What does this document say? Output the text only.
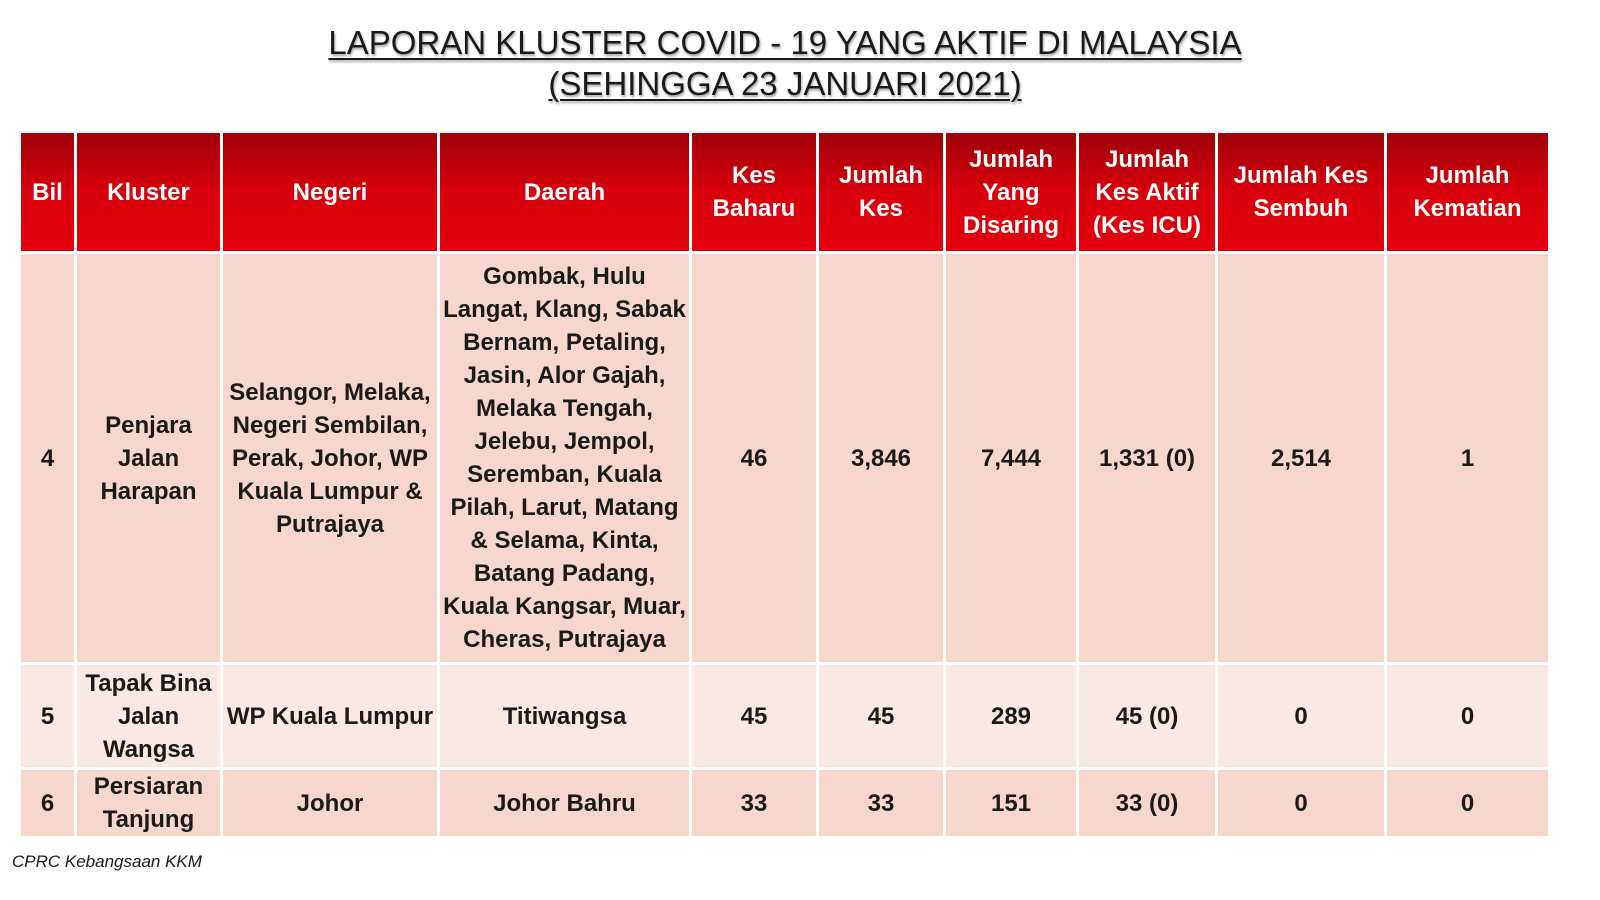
LAPORAN KLUSTER COVID - 19 YANG AKTIF DI MALAYSIA
(SEHINGGA 23 JANUARI 2021)
Bil	Kluster	Negeri	Daerah	Kes Baharu	Jumlah Kes	Jumlah Yang Disaring	Jumlah Kes Aktif (Kes ICU)	Jumlah Kes Sembuh	Jumlah Kematian
4	Penjara Jalan Harapan	Selangor, Melaka, Negeri Sembilan, Perak, Johor, WP Kuala Lumpur & Putrajaya	Gombak, Hulu Langat, Klang, Sabak Bernam, Petaling, Jasin, Alor Gajah, Melaka Tengah, Jelebu, Jempol, Seremban, Kuala Pilah, Larut, Matang & Selama, Kinta, Batang Padang, Kuala Kangsar, Muar, Cheras, Putrajaya	46	3,846	7,444	1,331 (0)	2,514	1
5	Tapak Bina Jalan Wangsa	WP Kuala Lumpur	Titiwangsa	45	45	289	45 (0)	0	0
6	Persiaran Tanjung	Johor	Johor Bahru	33	33	151	33 (0)	0	0
CPRC Kebangsaan KKM
